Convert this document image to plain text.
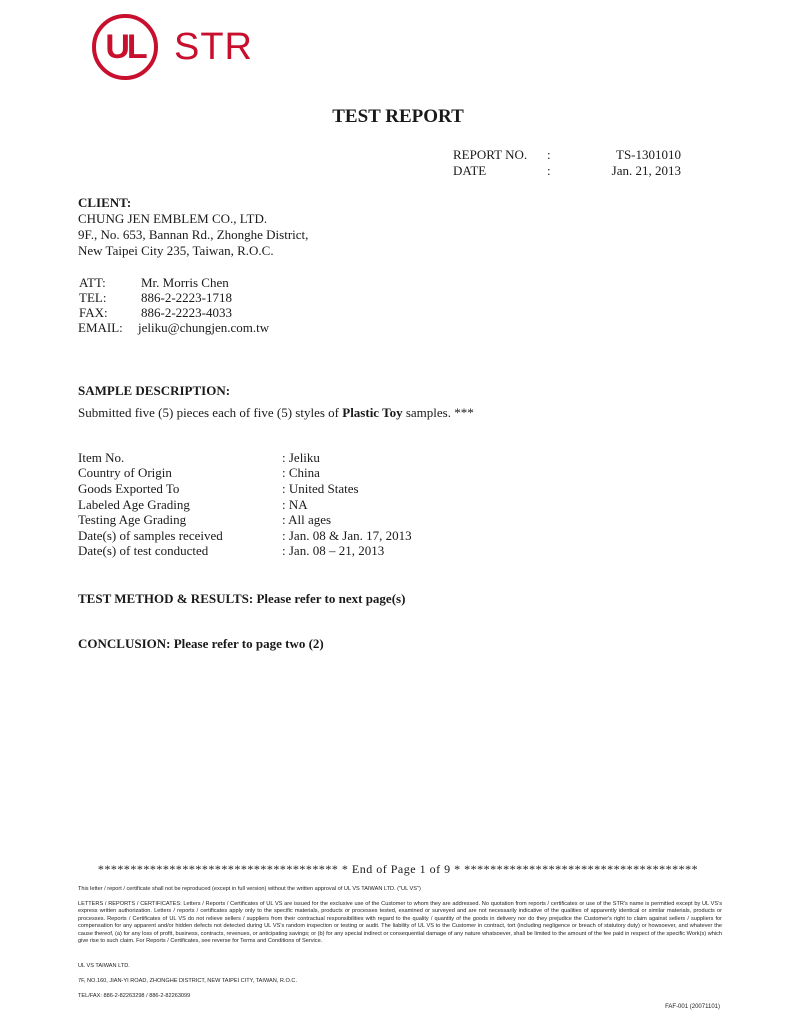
UL STR
TEST REPORT
REPORT NO. :	TS-1301010
DATE	:	Jan. 21, 2013
CLIENT:
CHUNG JEN EMBLEM CO., LTD.
9F., No. 653, Bannan Rd., Zhonghe District,
New Taipei City 235, Taiwan, R.O.C.
ATT:	Mr. Morris Chen
TEL:	886-2-2223-1718
FAX:	886-2-2223-4033
EMAIL: jeliku@chungjen.com.tw
SAMPLE DESCRIPTION:
Submitted five (5) pieces each of five (5) styles of Plastic Toy samples. ***
Item No.	: Jeliku
Country of Origin	: China
Goods Exported To	: United States
Labeled Age Grading	: NA
Testing Age Grading	: All ages
Date(s) of samples received	: Jan. 08 & Jan. 17, 2013
Date(s) of test conducted	: Jan. 08 – 21, 2013
TEST METHOD & RESULTS: Please refer to next page(s)
CONCLUSION: Please refer to page two (2)
************************************* * End of Page 1 of 9 * ************************************
This letter / report / certificate shall not be reproduced (except in full version) without the written approval of UL VS TAIWAN LTD. ("UL VS")
LETTERS / REPORTS / CERTIFICATES: Letters / Reports / Certificates of UL VS are issued for the exclusive use of the Customer to whom they are addressed. No quotation from reports / certificates or use of the STR's name is permitted except by UL VS's express written authorization. Letters / reports / certificates apply only to the specific materials, products or processes tested, examined or surveyed and are not necessarily indicative of the qualities of apparently identical or similar materials, products or processes. Reports / Certificates of UL VS do not relieve sellers / suppliers from their contractual responsibilities with regard to the quality / quantity of the goods in delivery nor do they prejudice the Customer's right to claim against sellers / suppliers for compensation for any apparent and/or hidden defects not detected during UL VS's random inspection or testing or audit. The liability of UL VS to the Customer in contract, tort (including negligence or breach of statutory duty) or howsoever, and whatever the cause thereof, (a) for any loss of profit, business, contracts, revenues, or anticipating savings; or (b) for any special indirect or consequential damage of any nature whatsoever, shall be limited to the amount of the fee paid in respect of the specific Work(s) which give rise to such claim. For Reports / Certificates, see reverse for Terms and Conditions of Service.
UL VS TAIWAN LTD.
7F, NO.160, JIAN-YI ROAD, ZHONGHE DISTRICT, NEW TAIPEI CITY, TAIWAN, R.O.C.
TEL/FAX: 886-2-82263298 / 886-2-82263099
FAF-001 (20071101)
